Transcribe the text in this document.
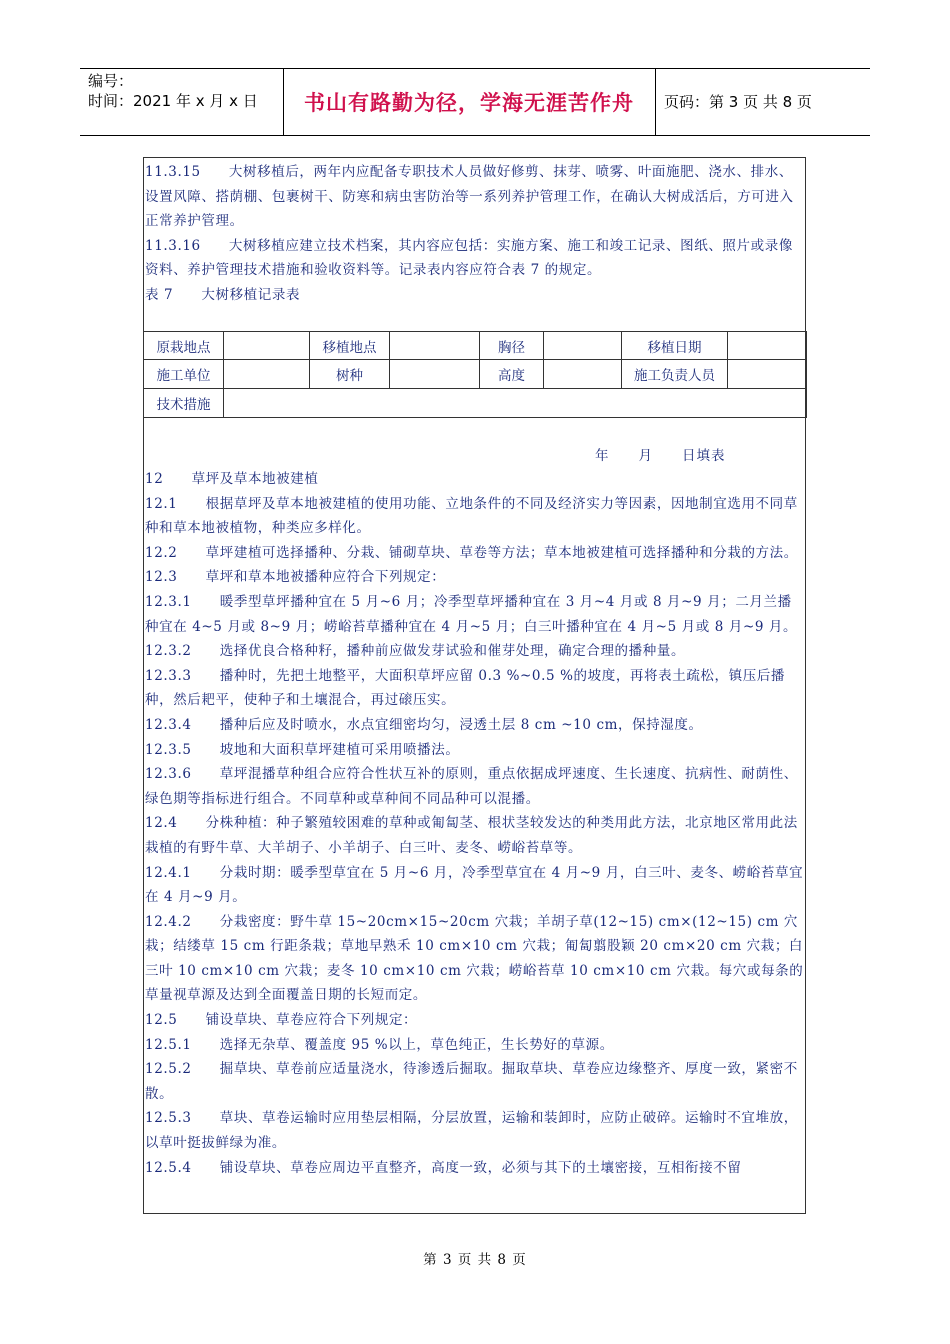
编号：
时间：2021 年 x 月 x 日	书山有路勤为径，学海无涯苦作舟	页码：第 3 页 共 8 页

11.3.15　　大树移植后，两年内应配备专职技术人员做好修剪、抹芽、喷雾、叶面施肥、浇水、排水、设置风障、搭荫棚、包裹树干、防寒和病虫害防治等一系列养护管理工作，在确认大树成活后，方可进入正常养护管理。

11.3.16　　大树移植应建立技术档案，其内容应包括：实施方案、施工和竣工记录、图纸、照片或录像资料、养护管理技术措施和验收资料等。记录表内容应符合表 7 的规定。

表 7　　大树移植记录表

原栽地点		移植地点		胸径		移植日期	
施工单位		树种		高度		施工负责人员	
技术措施							
年　　月　　日填表

12　　草坪及草本地被建植

12.1　　根据草坪及草本地被建植的使用功能、立地条件的不同及经济实力等因素，因地制宜选用不同草种和草本地被植物，种类应多样化。

12.2　　草坪建植可选择播种、分栽、铺砌草块、草卷等方法；草本地被建植可选择播种和分栽的方法。

12.3　　草坪和草本地被播种应符合下列规定：

12.3.1　　暖季型草坪播种宜在 5 月~6 月；冷季型草坪播种宜在 3 月~4 月或 8 月~9 月；二月兰播种宜在 4~5 月或 8~9 月；崂峪苔草播种宜在 4 月~5 月；白三叶播种宜在 4 月~5 月或 8 月~9 月。

12.3.2　　选择优良合格种籽，播种前应做发芽试验和催芽处理，确定合理的播种量。

12.3.3　　播种时，先把土地整平，大面积草坪应留 0.3 %~0.5 %的坡度，再将表土疏松，镇压后播种，然后耙平，使种子和土壤混合，再过磙压实。

12.3.4　　播种后应及时喷水，水点宜细密均匀，浸透土层 8 cm ~10 cm，保持湿度。

12.3.5　　坡地和大面积草坪建植可采用喷播法。

12.3.6　　草坪混播草种组合应符合性状互补的原则，重点依据成坪速度、生长速度、抗病性、耐荫性、绿色期等指标进行组合。不同草种或草种间不同品种可以混播。

12.4　　分株种植：种子繁殖较困难的草种或匍匐茎、根状茎较发达的种类用此方法，北京地区常用此法栽植的有野牛草、大羊胡子、小羊胡子、白三叶、麦冬、崂峪苔草等。

12.4.1　　分栽时期：暖季型草宜在 5 月~6 月，冷季型草宜在 4 月~9 月，白三叶、麦冬、崂峪苔草宜在 4 月~9 月。

12.4.2　　分栽密度：野牛草 15~20cm×15~20cm 穴栽；羊胡子草(12~15) cm×(12~15) cm 穴栽；结缕草 15 cm 行距条栽；草地早熟禾 10 cm×10 cm 穴栽；匍匐翦股颖 20 cm×20 cm 穴栽；白三叶 10 cm×10 cm 穴栽；麦冬 10 cm×10 cm 穴栽；崂峪苔草 10 cm×10 cm 穴栽。每穴或每条的草量视草源及达到全面覆盖日期的长短而定。

12.5　　铺设草块、草卷应符合下列规定：

12.5.1　　选择无杂草、覆盖度 95 %以上，草色纯正，生长势好的草源。

12.5.2　　掘草块、草卷前应适量浇水，待渗透后掘取。掘取草块、草卷应边缘整齐、厚度一致，紧密不散。

12.5.3　　草块、草卷运输时应用垫层相隔，分层放置，运输和装卸时，应防止破碎。运输时不宜堆放，以草叶挺拔鲜绿为准。

12.5.4　　铺设草块、草卷应周边平直整齐，高度一致，必须与其下的土壤密接，互相衔接不留

第 3 页 共 8 页
